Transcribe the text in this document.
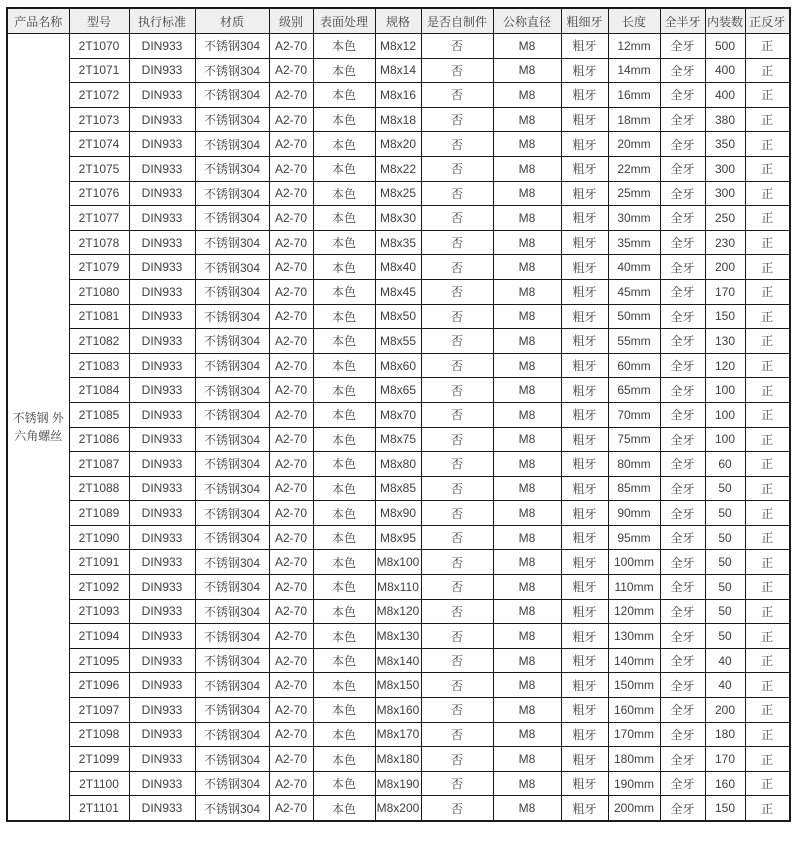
产品名称	型号	执行标准	材质	级别	表面处理	规格	是否自制件	公称直径	粗细牙	长度	全半牙	内装数	正反牙

不锈钢 外
六角螺丝	2T1070	DIN933	不锈钢304	A2-70	本色	M8x12	否	M8	粗牙	12mm	全牙	500	正
	2T1071	DIN933	不锈钢304	A2-70	本色	M8x14	否	M8	粗牙	14mm	全牙	400	正
	2T1072	DIN933	不锈钢304	A2-70	本色	M8x16	否	M8	粗牙	16mm	全牙	400	正
	2T1073	DIN933	不锈钢304	A2-70	本色	M8x18	否	M8	粗牙	18mm	全牙	380	正
	2T1074	DIN933	不锈钢304	A2-70	本色	M8x20	否	M8	粗牙	20mm	全牙	350	正
	2T1075	DIN933	不锈钢304	A2-70	本色	M8x22	否	M8	粗牙	22mm	全牙	300	正
	2T1076	DIN933	不锈钢304	A2-70	本色	M8x25	否	M8	粗牙	25mm	全牙	300	正
	2T1077	DIN933	不锈钢304	A2-70	本色	M8x30	否	M8	粗牙	30mm	全牙	250	正
	2T1078	DIN933	不锈钢304	A2-70	本色	M8x35	否	M8	粗牙	35mm	全牙	230	正
	2T1079	DIN933	不锈钢304	A2-70	本色	M8x40	否	M8	粗牙	40mm	全牙	200	正
	2T1080	DIN933	不锈钢304	A2-70	本色	M8x45	否	M8	粗牙	45mm	全牙	170	正
	2T1081	DIN933	不锈钢304	A2-70	本色	M8x50	否	M8	粗牙	50mm	全牙	150	正
	2T1082	DIN933	不锈钢304	A2-70	本色	M8x55	否	M8	粗牙	55mm	全牙	130	正
	2T1083	DIN933	不锈钢304	A2-70	本色	M8x60	否	M8	粗牙	60mm	全牙	120	正
	2T1084	DIN933	不锈钢304	A2-70	本色	M8x65	否	M8	粗牙	65mm	全牙	100	正
	2T1085	DIN933	不锈钢304	A2-70	本色	M8x70	否	M8	粗牙	70mm	全牙	100	正
	2T1086	DIN933	不锈钢304	A2-70	本色	M8x75	否	M8	粗牙	75mm	全牙	100	正
	2T1087	DIN933	不锈钢304	A2-70	本色	M8x80	否	M8	粗牙	80mm	全牙	60	正
	2T1088	DIN933	不锈钢304	A2-70	本色	M8x85	否	M8	粗牙	85mm	全牙	50	正
	2T1089	DIN933	不锈钢304	A2-70	本色	M8x90	否	M8	粗牙	90mm	全牙	50	正
	2T1090	DIN933	不锈钢304	A2-70	本色	M8x95	否	M8	粗牙	95mm	全牙	50	正
	2T1091	DIN933	不锈钢304	A2-70	本色	M8x100	否	M8	粗牙	100mm	全牙	50	正
	2T1092	DIN933	不锈钢304	A2-70	本色	M8x110	否	M8	粗牙	110mm	全牙	50	正
	2T1093	DIN933	不锈钢304	A2-70	本色	M8x120	否	M8	粗牙	120mm	全牙	50	正
	2T1094	DIN933	不锈钢304	A2-70	本色	M8x130	否	M8	粗牙	130mm	全牙	50	正
	2T1095	DIN933	不锈钢304	A2-70	本色	M8x140	否	M8	粗牙	140mm	全牙	40	正
	2T1096	DIN933	不锈钢304	A2-70	本色	M8x150	否	M8	粗牙	150mm	全牙	40	正
	2T1097	DIN933	不锈钢304	A2-70	本色	M8x160	否	M8	粗牙	160mm	全牙	200	正
	2T1098	DIN933	不锈钢304	A2-70	本色	M8x170	否	M8	粗牙	170mm	全牙	180	正
	2T1099	DIN933	不锈钢304	A2-70	本色	M8x180	否	M8	粗牙	180mm	全牙	170	正
	2T1100	DIN933	不锈钢304	A2-70	本色	M8x190	否	M8	粗牙	190mm	全牙	160	正
	2T1101	DIN933	不锈钢304	A2-70	本色	M8x200	否	M8	粗牙	200mm	全牙	150	正
